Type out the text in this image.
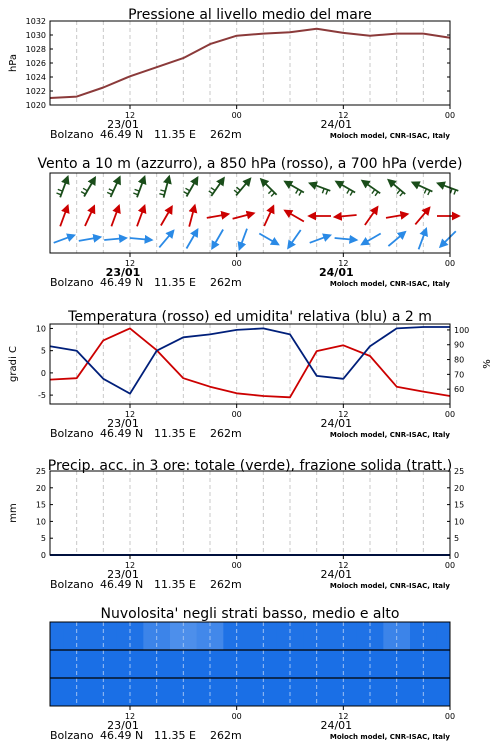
Pressione al livello medio del mare
1032
1030
1028
1026
1024
1022
1020
hPa
12	00	12	00
23/01	24/01
Bolzano 46.49 N 11.35 E 262m	Moloch model, CNR-ISAC, Italy
Vento a 10 m (azzurro), a 850 hPa (rosso), a 700 hPa (verde)
12	00	12	00
23/01	24/01
Bolzano 46.49 N 11.35 E 262m	Moloch model, CNR-ISAC, Italy
Temperatura (rosso) ed umidita' relativa (blu) a 2 m
10
5
0
-5
100
90
80
70
60
gradi C	%
12	00	12	00
23/01	24/01
Bolzano 46.49 N 11.35 E 262m	Moloch model, CNR-ISAC, Italy
Precip. acc. in 3 ore: totale (verde), frazione solida (tratt.)
25
20
15
10
5
0
25
20
15
10
5
0
mm
12	00	12	00
23/01	24/01
Bolzano 46.49 N 11.35 E 262m	Moloch model, CNR-ISAC, Italy
Nuvolosita' negli strati basso, medio e alto
12	00	12	00
23/01	24/01
Bolzano 46.49 N 11.35 E 262m	Moloch model, CNR-ISAC, Italy
